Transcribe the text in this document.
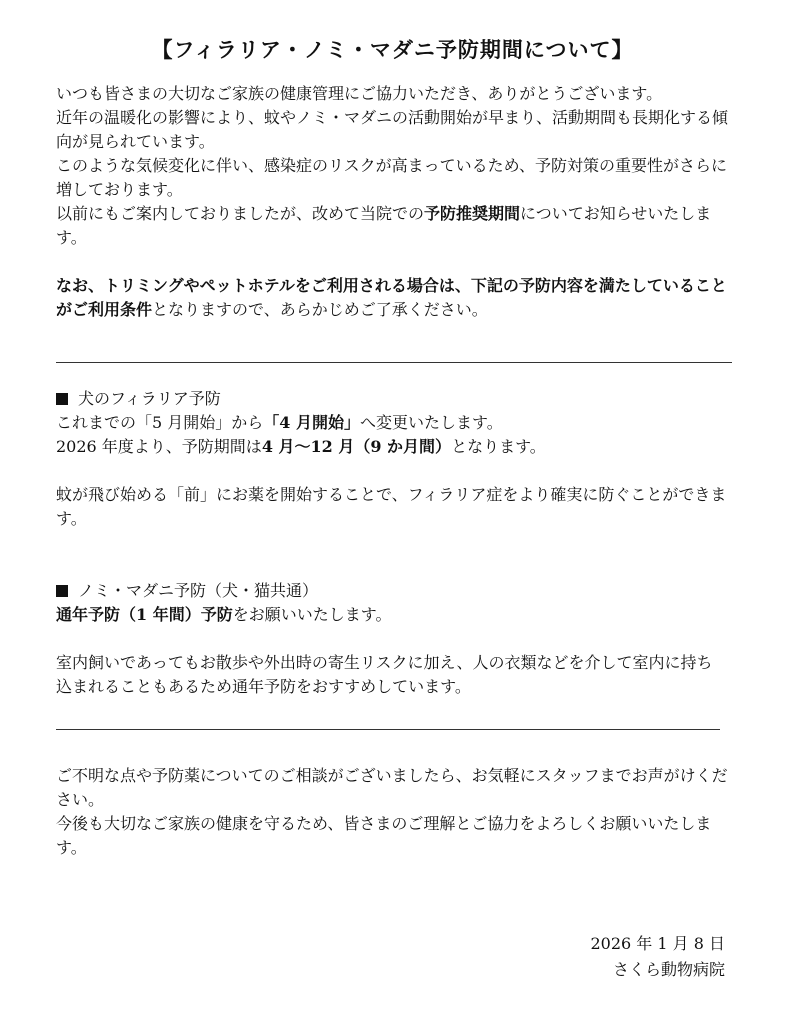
【フィラリア・ノミ・マダニ予防期間について】

いつも皆さまの大切なご家族の健康管理にご協力いただき、ありがとうございます。

近年の温暖化の影響により、蚊やノミ・マダニの活動開始が早まり、活動期間も長期化する傾向が見られています。

このような気候変化に伴い、感染症のリスクが高まっているため、予防対策の重要性がさらに増しております。

以前にもご案内しておりましたが、改めて当院での予防推奨期間についてお知らせいたします。

なお、トリミングやペットホテルをご利用される場合は、下記の予防内容を満たしていることがご利用条件となりますので、あらかじめご了承ください。

犬のフィラリア予防

これまでの「5 月開始」から「4 月開始」へ変更いたします。

2026 年度より、予防期間は4 月〜12 月（9 か月間）となります。

蚊が飛び始める「前」にお薬を開始することで、フィラリア症をより確実に防ぐことができます。

ノミ・マダニ予防（犬・猫共通）

通年予防（1 年間）予防をお願いいたします。

室内飼いであってもお散歩や外出時の寄生リスクに加え、人の衣類などを介して室内に持ち込まれることもあるため通年予防をおすすめしています。

ご不明な点や予防薬についてのご相談がございましたら、お気軽にスタッフまでお声がけください。

今後も大切なご家族の健康を守るため、皆さまのご理解とご協力をよろしくお願いいたします。

2026 年 1 月 8 日
さくら動物病院
